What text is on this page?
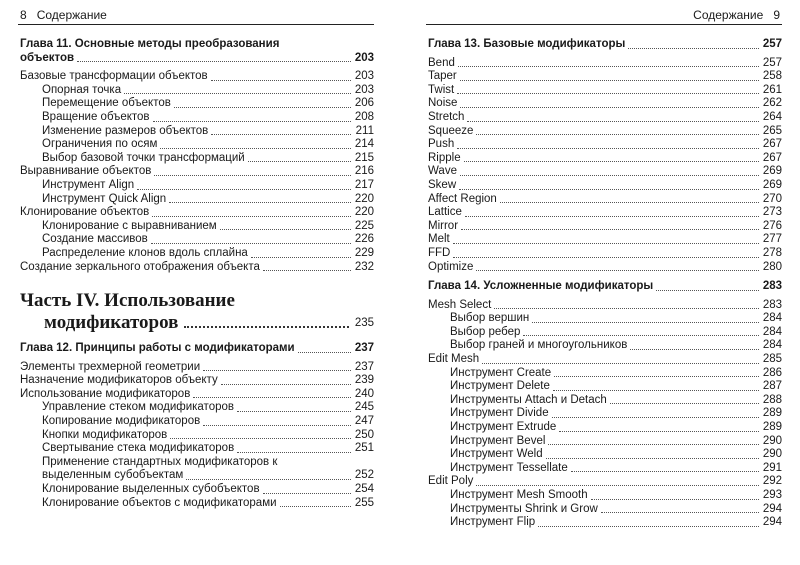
8 Содержание
Глава 11. Основные методы преобразования
объектов	203
Базовые трансформации объектов	203
Опорная точка	203
Перемещение объектов	206
Вращение объектов	208
Изменение размеров объектов	211
Ограничения по осям	214
Выбор базовой точки трансформаций	215
Выравнивание объектов	216
Инструмент Align	217
Инструмент Quick Align	220
Клонирование объектов	220
Клонирование с выравниванием	225
Создание массивов	226
Распределение клонов вдоль сплайна	229
Создание зеркального отображения объекта	232
Часть IV. Использование
модификаторов	235
Глава 12. Принципы работы с модификаторами	237
Элементы трехмерной геометрии	237
Назначение модификаторов объекту	239
Использование модификаторов	240
Управление стеком модификаторов	245
Копирование модификаторов	247
Кнопки модификаторов	250
Свертывание стека модификаторов	251
Применение стандартных модификаторов к
выделенным субобъектам	252
Клонирование выделенных субобъектов	254
Клонирование объектов с модификаторами	255
Содержание 9
Глава 13. Базовые модификаторы	257
Bend	257
Taper	258
Twist	261
Noise	262
Stretch	264
Squeeze	265
Push	267
Ripple	267
Wave	269
Skew	269
Affect Region	270
Lattice	273
Mirror	276
Melt	277
FFD	278
Optimize	280
Глава 14. Усложненные модификаторы	283
Mesh Select	283
Выбор вершин	284
Выбор ребер	284
Выбор граней и многоугольников	284
Edit Mesh	285
Инструмент Create	286
Инструмент Delete	287
Инструменты Attach и Detach	288
Инструмент Divide	289
Инструмент Extrude	289
Инструмент Bevel	290
Инструмент Weld	290
Инструмент Tessellate	291
Edit Poly	292
Инструмент Mesh Smooth	293
Инструменты Shrink и Grow	294
Инструмент Flip	294
